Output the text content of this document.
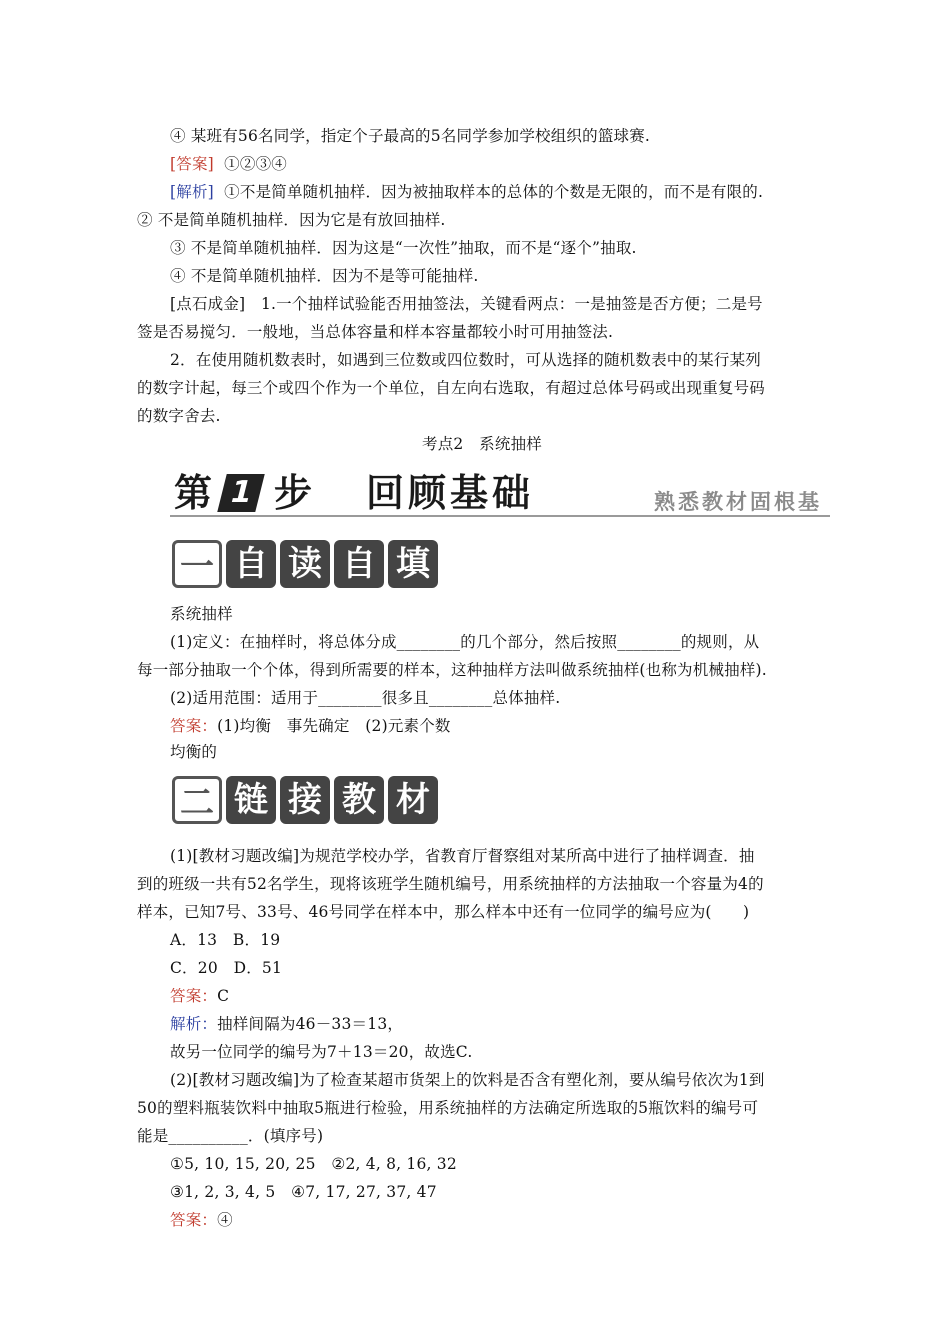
④ 某班有56名同学，指定个子最高的5名同学参加学校组织的篮球赛.
[答案] ①②③④
[解析] ①不是简单随机抽样．因为被抽取样本的总体的个数是无限的，而不是有限的.
② 不是简单随机抽样．因为它是有放回抽样.
③ 不是简单随机抽样．因为这是“一次性”抽取，而不是“逐个”抽取.
④ 不是简单随机抽样．因为不是等可能抽样.
[点石成金]　1.一个抽样试验能否用抽签法，关键看两点：一是抽签是否方便；二是号
签是否易搅匀．一般地，当总体容量和样本容量都较小时可用抽签法.
2．在使用随机数表时，如遇到三位数或四位数时，可从选择的随机数表中的某行某列
的数字计起，每三个或四个作为一个单位，自左向右选取，有超过总体号码或出现重复号码
的数字舍去.
考点2　系统抽样
第 1 步 回顾基础	熟悉教材固根基
一 自 读 自 填
系统抽样
(1)定义：在抽样时，将总体分成________的几个部分，然后按照________的规则，从
每一部分抽取一个个体，得到所需要的样本，这种抽样方法叫做系统抽样(也称为机械抽样).
(2)适用范围：适用于________很多且________总体抽样.
答案：(1)均衡　事先确定　(2)元素个数
均衡的
二 链 接 教 材
(1)[教材习题改编]为规范学校办学，省教育厅督察组对某所高中进行了抽样调查．抽
到的班级一共有52名学生，现将该班学生随机编号，用系统抽样的方法抽取一个容量为4的
样本，已知7号、33号、46号同学在样本中，那么样本中还有一位同学的编号应为(　　)
A．13　B．19
C．20　D．51
答案：C
解析：抽样间隔为46－33＝13，
故另一位同学的编号为7＋13＝20，故选C.
(2)[教材习题改编]为了检查某超市货架上的饮料是否含有塑化剂，要从编号依次为1到
50的塑料瓶装饮料中抽取5瓶进行检验，用系统抽样的方法确定所选取的5瓶饮料的编号可
能是__________．(填序号)
①5, 10, 15, 20, 25　②2, 4, 8, 16, 32
③1, 2, 3, 4, 5　④7, 17, 27, 37, 47
答案：④
